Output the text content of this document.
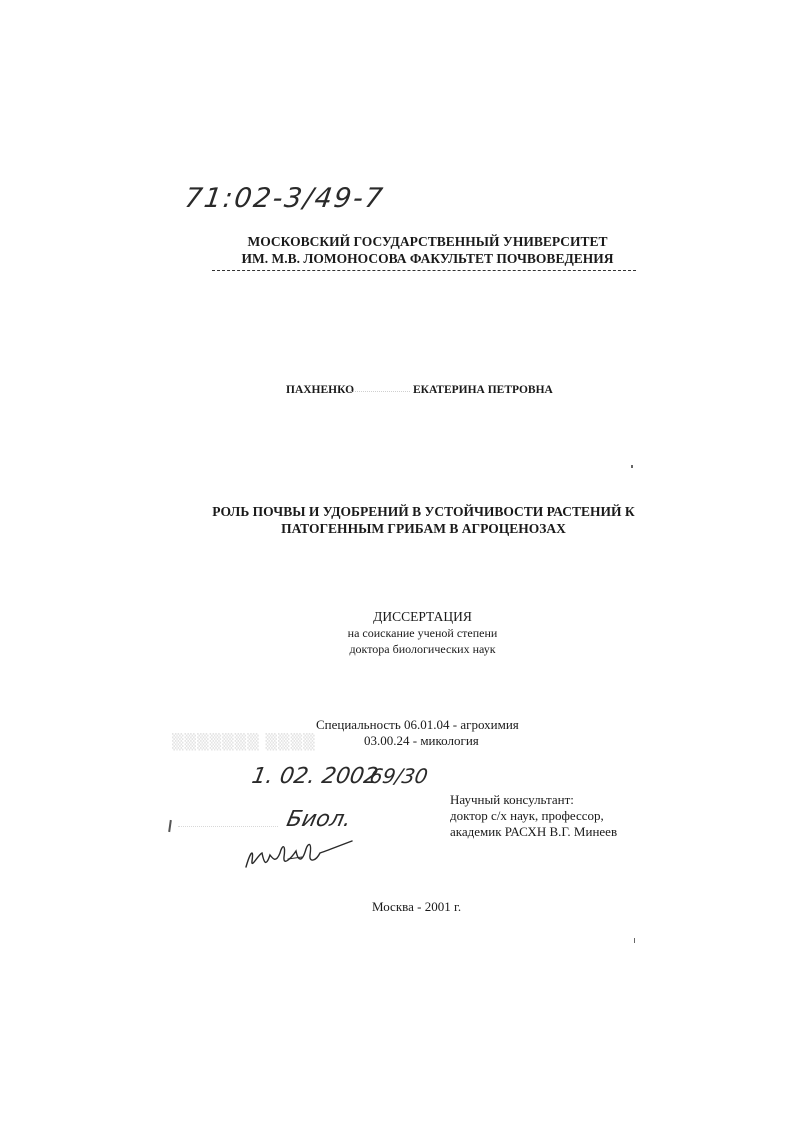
71:02-3/49-7
МОСКОВСКИЙ ГОСУДАРСТВЕННЫЙ УНИВЕРСИТЕТ
ИМ. М.В. ЛОМОНОСОВА ФАКУЛЬТЕТ ПОЧВОВЕДЕНИЯ
ПАХНЕНКО	ЕКАТЕРИНА ПЕТРОВНА
РОЛЬ ПОЧВЫ И УДОБРЕНИЙ В УСТОЙЧИВОСТИ РАСТЕНИЙ К
ПАТОГЕННЫМ ГРИБАМ В АГРОЦЕНОЗАХ
ДИССЕРТАЦИЯ
на соискание ученой степени
доктора биологических наук
Специальность 06.01.04 - агрохимия
03.00.24 - микология
▒▒▒▒▒▒▒ ▒▒▒▒
1. 02. 2002
69/30
Научный консультант:
доктор с/х наук, профессор,
академик РАСХН В.Г. Минеев
Биол.
Москва - 2001 г.
